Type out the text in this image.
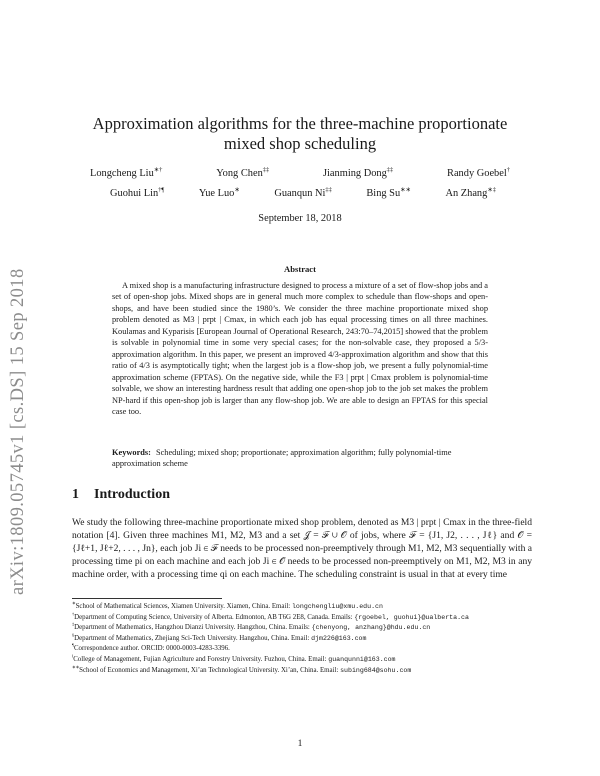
arXiv:1809.05745v1 [cs.DS] 15 Sep 2018
Approximation algorithms for the three-machine proportionate
mixed shop scheduling
Longcheng Liu∗†	Yong Chen‡‡	Jianming Dong‡‡	Randy Goebel†
Guohui Lin†¶	Yue Luo∗	Guanqun Ni‡‡	Bing Su∗∗	An Zhang∗‡
September 18, 2018
Abstract

A mixed shop is a manufacturing infrastructure designed to process a mixture of a set of flow-shop jobs and a set of open-shop jobs. Mixed shops are in general much more complex to schedule than flow-shops and open-shops, and have been studied since the 1980’s. We consider the three machine proportionate mixed shop problem denoted as M3 | prpt | Cmax, in which each job has equal processing times on all three machines. Koulamas and Kyparisis [European Journal of Operational Research, 243:70–74,2015] showed that the problem is solvable in polynomial time in some very special cases; for the non-solvable case, they proposed a 5/3-approximation algorithm. In this paper, we present an improved 4/3-approximation algorithm and show that this ratio of 4/3 is asymptotically tight; when the largest job is a flow-shop job, we present a fully polynomial-time approximation scheme (FPTAS). On the negative side, while the F3 | prpt | Cmax problem is polynomial-time solvable, we show an interesting hardness result that adding one open-shop job to the job set makes the problem NP-hard if this open-shop job is larger than any flow-shop job. We are able to design an FPTAS for this special case too.

Keywords: Scheduling; mixed shop; proportionate; approximation algorithm; fully polynomial-time approximation scheme

1 Introduction

We study the following three-machine proportionate mixed shop problem, denoted as M3 | prpt | Cmax in the three-field notation [4]. Given three machines M1, M2, M3 and a set 𝒥 = ℱ ∪ 𝒪 of jobs, where ℱ = {J1, J2, . . . , Jℓ} and 𝒪 = {Jℓ+1, Jℓ+2, . . . , Jn}, each job Ji ∈ ℱ needs to be processed non-preemptively through M1, M2, M3 sequentially with a processing time pi on each machine and each job Ji ∈ 𝒪 needs to be processed non-preemptively on M1, M2, M3 in any machine order, with a processing time qi on each machine. The scheduling constraint is usual in that at every time

∗School of Mathematical Sciences, Xiamen University. Xiamen, China. Email: longchengliu@xmu.edu.cn

†Department of Computing Science, University of Alberta. Edmonton, AB T6G 2E8, Canada. Emails: {rgoebel, guohui}@ualberta.ca

‡Department of Mathematics, Hangzhou Dianzi University. Hangzhou, China. Emails: {chenyong, anzhang}@hdu.edu.cn

§Department of Mathematics, Zhejiang Sci-Tech University. Hangzhou, China. Email: djm226@163.com

¶Correspondence author. ORCID: 0000-0003-4283-3396.

‖College of Management, Fujian Agriculture and Forestry University. Fuzhou, China. Email: guanqunni@163.com

∗∗School of Economics and Management, Xi’an Technological University. Xi’an, China. Email: subing684@sohu.com

1
